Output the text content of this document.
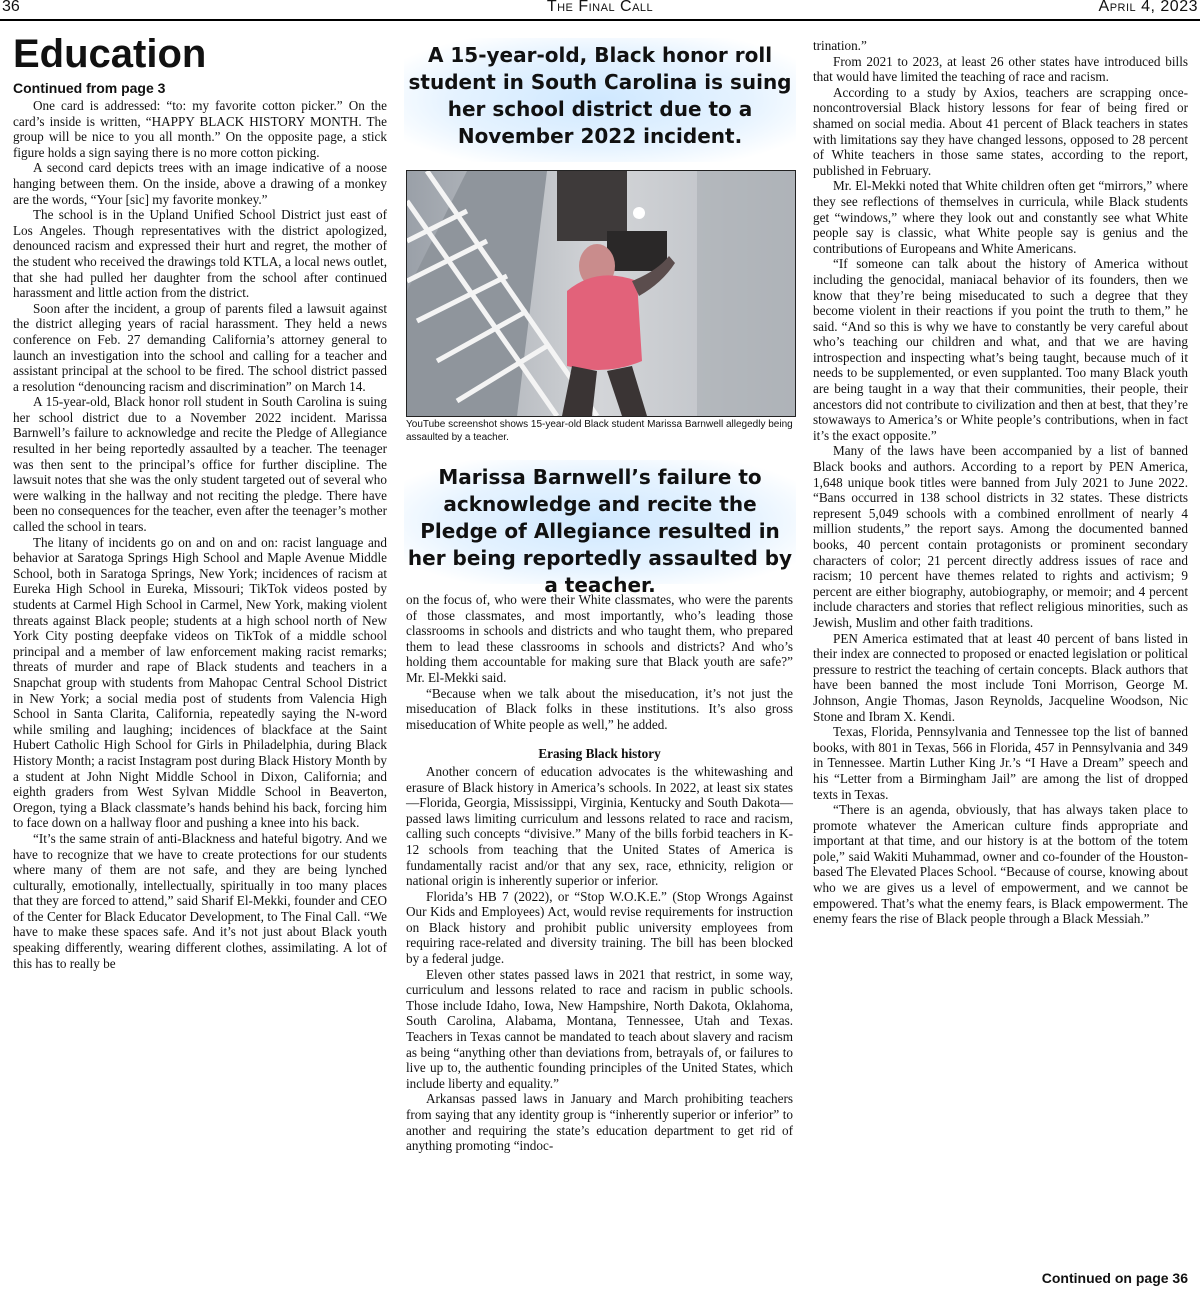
36	The Final Call	April 4, 2023
Education
Continued from page 3

One card is addressed: “to: my favorite cotton picker.” On the card’s inside is written, “HAPPY BLACK HISTORY MONTH. The group will be nice to you all month.” On the opposite page, a stick figure holds a sign saying there is no more cotton picking.

A second card depicts trees with an image indicative of a noose hanging between them. On the inside, above a drawing of a monkey are the words, “Your [sic] my favorite monkey.”

The school is in the Upland Unified School District just east of Los Angeles. Though representatives with the district apologized, denounced racism and expressed their hurt and regret, the mother of the student who received the drawings told KTLA, a local news outlet, that she had pulled her daughter from the school after continued harassment and little action from the district.

Soon after the incident, a group of parents filed a lawsuit against the district alleging years of racial harassment. They held a news conference on Feb. 27 demanding California’s attorney general to launch an investigation into the school and calling for a teacher and assistant principal at the school to be fired. The school district passed a resolution “denouncing racism and discrimination” on March 14.

A 15-year-old, Black honor roll student in South Carolina is suing her school district due to a November 2022 incident. Marissa Barnwell’s failure to acknowledge and recite the Pledge of Allegiance resulted in her being reportedly assaulted by a teacher. The teenager was then sent to the principal’s office for further discipline. The lawsuit notes that she was the only student targeted out of several who were walking in the hallway and not reciting the pledge. There have been no consequences for the teacher, even after the teenager’s mother called the school in tears.

The litany of incidents go on and on and on: racist language and behavior at Saratoga Springs High School and Maple Avenue Middle School, both in Saratoga Springs, New York; incidences of racism at Eureka High School in Eureka, Missouri; TikTok videos posted by students at Carmel High School in Carmel, New York, making violent threats against Black people; students at a high school north of New York City posting deepfake videos on TikTok of a middle school principal and a member of law enforcement making racist remarks; threats of murder and rape of Black students and teachers in a Snapchat group with students from Mahopac Central School District in New York; a social media post of students from Valencia High School in Santa Clarita, California, repeatedly saying the N-word while smiling and laughing; incidences of blackface at the Saint Hubert Catholic High School for Girls in Philadelphia, during Black History Month; a racist Instagram post during Black History Month by a student at John Night Middle School in Dixon, California; and eighth graders from West Sylvan Middle School in Beaverton, Oregon, tying a Black classmate’s hands behind his back, forcing him to face down on a hallway floor and pushing a knee into his back.

“It’s the same strain of anti-Blackness and hateful bigotry. And we have to recognize that we have to create protections for our students where many of them are not safe, and they are being lynched culturally, emotionally, intellectually, spiritually in too many places that they are forced to attend,” said Sharif El-Mekki, founder and CEO of the Center for Black Educator Development, to The Final Call. “We have to make these spaces safe. And it’s not just about Black youth speaking differently, wearing different clothes, assimilating. A lot of this has to really be

A 15-year-old, Black honor roll student in South Carolina is suing her school district due to a November 2022 incident.
YouTube screenshot shows 15-year-old Black student Marissa Barnwell allegedly being assaulted by a teacher.
Marissa Barnwell’s failure to acknowledge and recite the Pledge of Allegiance resulted in her being reportedly assaulted by a teacher.

on the focus of, who were their White classmates, who were the parents of those classmates, and most importantly, who’s leading those classrooms in schools and districts and who taught them, who prepared them to lead these classrooms in schools and districts? And who’s holding them accountable for making sure that Black youth are safe?” Mr. El-Mekki said.

“Because when we talk about the miseducation, it’s not just the miseducation of Black folks in these institutions. It’s also gross miseducation of White people as well,” he added.

Erasing Black history

Another concern of education advocates is the whitewashing and erasure of Black history in America’s schools. In 2022, at least six states—Florida, Georgia, Mississippi, Virginia, Kentucky and South Dakota—passed laws limiting curriculum and lessons related to race and racism, calling such concepts “divisive.” Many of the bills forbid teachers in K-12 schools from teaching that the United States of America is fundamentally racist and/or that any sex, race, ethnicity, religion or national origin is inherently superior or inferior.

Florida’s HB 7 (2022), or “Stop W.O.K.E.” (Stop Wrongs Against Our Kids and Employees) Act, would revise requirements for instruction on Black history and prohibit public university employees from requiring race-related and diversity training. The bill has been blocked by a federal judge.

Eleven other states passed laws in 2021 that restrict, in some way, curriculum and lessons related to race and racism in public schools. Those include Idaho, Iowa, New Hampshire, North Dakota, Oklahoma, South Carolina, Alabama, Montana, Tennessee, Utah and Texas. Teachers in Texas cannot be mandated to teach about slavery and racism as being “anything other than deviations from, betrayals of, or failures to live up to, the authentic founding principles of the United States, which include liberty and equality.”

Arkansas passed laws in January and March prohibiting teachers from saying that any identity group is “inherently superior or inferior” to another and requiring the state’s education department to get rid of anything promoting “indoc-

trination.”

From 2021 to 2023, at least 26 other states have introduced bills that would have limited the teaching of race and racism.

According to a study by Axios, teachers are scrapping once-noncontroversial Black history lessons for fear of being fired or shamed on social media. About 41 percent of Black teachers in states with limitations say they have changed lessons, opposed to 28 percent of White teachers in those same states, according to the report, published in February.

Mr. El-Mekki noted that White children often get “mirrors,” where they see reflections of themselves in curricula, while Black students get “windows,” where they look out and constantly see what White people say is classic, what White people say is genius and the contributions of Europeans and White Americans.

“If someone can talk about the history of America without including the genocidal, maniacal behavior of its founders, then we know that they’re being miseducated to such a degree that they become violent in their reactions if you point the truth to them,” he said. “And so this is why we have to constantly be very careful about who’s teaching our children and what, and that we are having introspection and inspecting what’s being taught, because much of it needs to be supplemented, or even supplanted. Too many Black youth are being taught in a way that their communities, their people, their ancestors did not contribute to civilization and then at best, that they’re stowaways to America’s or White people’s contributions, when in fact it’s the exact opposite.”

Many of the laws have been accompanied by a list of banned Black books and authors. According to a report by PEN America, 1,648 unique book titles were banned from July 2021 to June 2022. “Bans occurred in 138 school districts in 32 states. These districts represent 5,049 schools with a combined enrollment of nearly 4 million students,” the report says. Among the documented banned books, 40 percent contain protagonists or prominent secondary characters of color; 21 percent directly address issues of race and racism; 10 percent have themes related to rights and activism; 9 percent are either biography, autobiography, or memoir; and 4 percent include characters and stories that reflect religious minorities, such as Jewish, Muslim and other faith traditions.

PEN America estimated that at least 40 percent of bans listed in their index are connected to proposed or enacted legislation or political pressure to restrict the teaching of certain concepts. Black authors that have been banned the most include Toni Morrison, George M. Johnson, Angie Thomas, Jason Reynolds, Jacqueline Woodson, Nic Stone and Ibram X. Kendi.

Texas, Florida, Pennsylvania and Tennessee top the list of banned books, with 801 in Texas, 566 in Florida, 457 in Pennsylvania and 349 in Tennessee. Martin Luther King Jr.’s “I Have a Dream” speech and his “Letter from a Birmingham Jail” are among the list of dropped texts in Texas.

“There is an agenda, obviously, that has always taken place to promote whatever the American culture finds appropriate and important at that time, and our history is at the bottom of the totem pole,” said Wakiti Muhammad, owner and co-founder of the Houston-based The Elevated Places School. “Because of course, knowing about who we are gives us a level of empowerment, and we cannot be empowered. That’s what the enemy fears, is Black empowerment. The enemy fears the rise of Black people through a Black Messiah.”

Continued on page 36
